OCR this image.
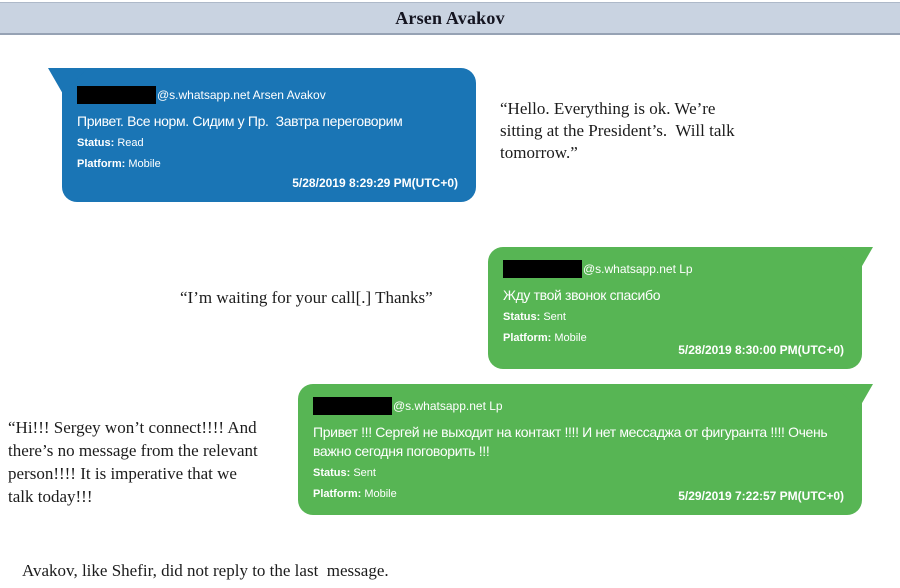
Arsen Avakov
@s.whatsapp.net Arsen Avakov
Привет. Все норм. Сидим у Пр.  Завтра переговорим
Status: Read
Platform: Mobile
5/28/2019 8:29:29 PM(UTC+0)
“Hello. Everything is ok. We’re
sitting at the President’s.  Will talk
tomorrow.”
“I’m waiting for your call[.] Thanks”
@s.whatsapp.net Lp
Жду твой звонок спасибо
Status: Sent
Platform: Mobile
5/28/2019 8:30:00 PM(UTC+0)
@s.whatsapp.net Lp
Привет !!! Сергей не выходит на контакт !!!! И нет мессаджа от фигуранта !!!! Очень важно сегодня поговорить !!!
Status: Sent
Platform: Mobile	5/29/2019 7:22:57 PM(UTC+0)
“Hi!!! Sergey won’t connect!!!! And
there’s no message from the relevant
person!!!! It is imperative that we
talk today!!!
Avakov, like Shefir, did not reply to the last  message.
